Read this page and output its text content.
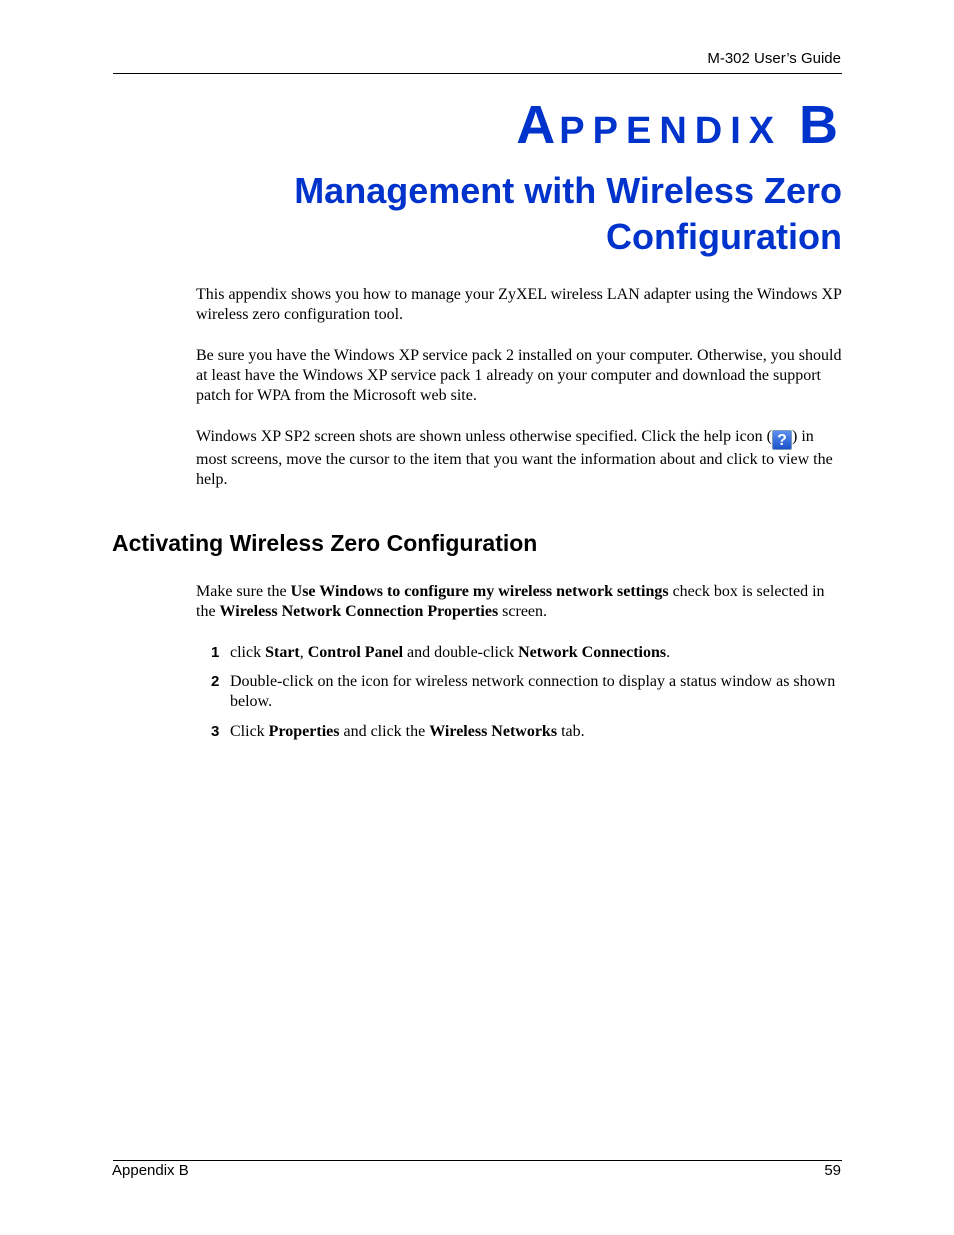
M-302 User’s Guide
APPENDIX B
Management with Wireless Zero
Configuration

This appendix shows you how to manage your ZyXEL wireless LAN adapter using the Windows XP wireless zero configuration tool.

Be sure you have the Windows XP service pack 2 installed on your computer. Otherwise, you should at least have the Windows XP service pack 1 already on your computer and download the support patch for WPA from the Microsoft web site.

Windows XP SP2 screen shots are shown unless otherwise specified. Click the help icon ( ? ) in most screens, move the cursor to the item that you want the information about and click to view the help.

Activating Wireless Zero Configuration

Make sure the Use Windows to configure my wireless network settings check box is selected in the Wireless Network Connection Properties screen.

1 click Start, Control Panel and double-click Network Connections.
2 Double-click on the icon for wireless network connection to display a status window as shown below.
3 Click Properties and click the Wireless Networks tab.
Appendix B	59
